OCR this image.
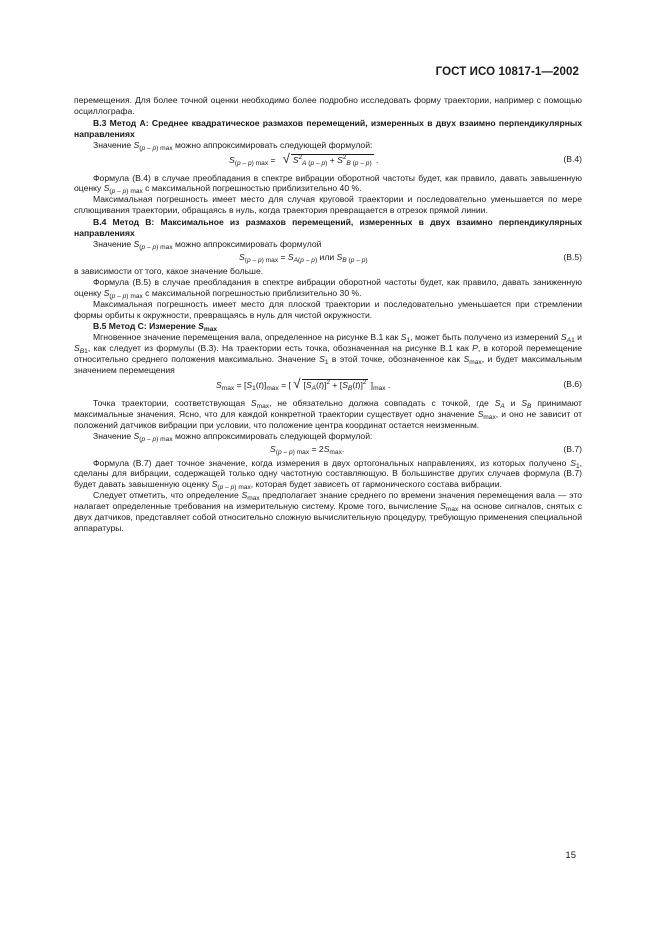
ГОСТ ИСО 10817-1—2002

перемещения. Для более точной оценки необходимо более подробно исследовать форму траектории, например с помощью осциллографа.

В.3 Метод А: Среднее квадратическое размахов перемещений, измеренных в двух взаимно перпендикулярных направлениях

Значение $S_{(p - p) max}$ можно аппроксимировать следующей формулой:

$S_{(p - p) max}$ =   √ $S^2_{A (p - p)} + S^2_{B (p - p)}$ .	(В.4)

Формула (В.4) в случае преобладания в спектре вибрации оборотной частоты будет, как правило, давать завышенную оценку $S_{(p - p) max}$ с максимальной погрешностью приблизительно 40 %.

Максимальная погрешность имеет место для случая круговой траектории и последовательно уменьшается по мере сплющивания траектории, обращаясь в нуль, когда траектория превращается в отрезок прямой линии.

В.4 Метод В: Максимальное из размахов перемещений, измеренных в двух взаимно перпендикулярных направлениях

Значение $S_{(p - p) max}$ можно аппроксимировать формулой

$S_{(p - p) max} = S_{A(p - p)}$ или $S_{B (p - p)}$	(В.5)

в зависимости от того, какое значение больше.

Формула (В.5) в случае преобладания в спектре вибрации оборотной частоты будет, как правило, давать заниженную оценку $S_{(p - p) max}$ с максимальной погрешностью приблизительно 30 %.

Максимальная погрешность имеет место для плоской траектории и последовательно уменьшается при стремлении формы орбиты к окружности, превращаясь в нуль для чистой окружности.

В.5 Метод С: Измерение $S_{max}$

Мгновенное значение перемещения вала, определенное на рисунке В.1 как $S_1$, может быть получено из измерений $S_{A1}$ и $S_{B1}$, как следует из формулы (В.3). На траектории есть точка, обозначенная на рисунке В.1 как P, в которой перемещение относительно среднего положения максимально. Значение $S_1$ в этой точке, обозначенное как $S_{max}$, и будет максимальным значением перемещения

$S_{max} = [S_1(t)]_{max}$ = [ √ $[S_A(t)]^2 + [S_B(t)]^2$ ]$_{max}$ .	(В.6)

Точка траектории, соответствующая $S_{max}$, не обязательно должна совпадать с точкой, где $S_A$ и $S_B$ принимают максимальные значения. Ясно, что для каждой конкретной траектории существует одно значение $S_{max}$, и оно не зависит от положений датчиков вибрации при условии, что положение центра координат остается неизменным.

Значение $S_{(p - p) max}$ можно аппроксимировать следующей формулой:

$S_{(p - p) max} = 2S_{max}$.	(В.7)

Формула (В.7) дает точное значение, когда измерения в двух ортогональных направлениях, из которых получено $S_1$, сделаны для вибрации, содержащей только одну частотную составляющую. В большинстве других случаев формула (В.7) будет давать завышенную оценку $S_{(p - p) max}$, которая будет зависеть от гармонического состава вибрации.

Следует отметить, что определение $S_{max}$ предполагает знание среднего по времени значения перемещения вала — это налагает определенные требования на измерительную систему. Кроме того, вычисление $S_{max}$ на основе сигналов, снятых с двух датчиков, представляет собой относительно сложную вычислительную процедуру, требующую применения специальной аппаратуры.

15
